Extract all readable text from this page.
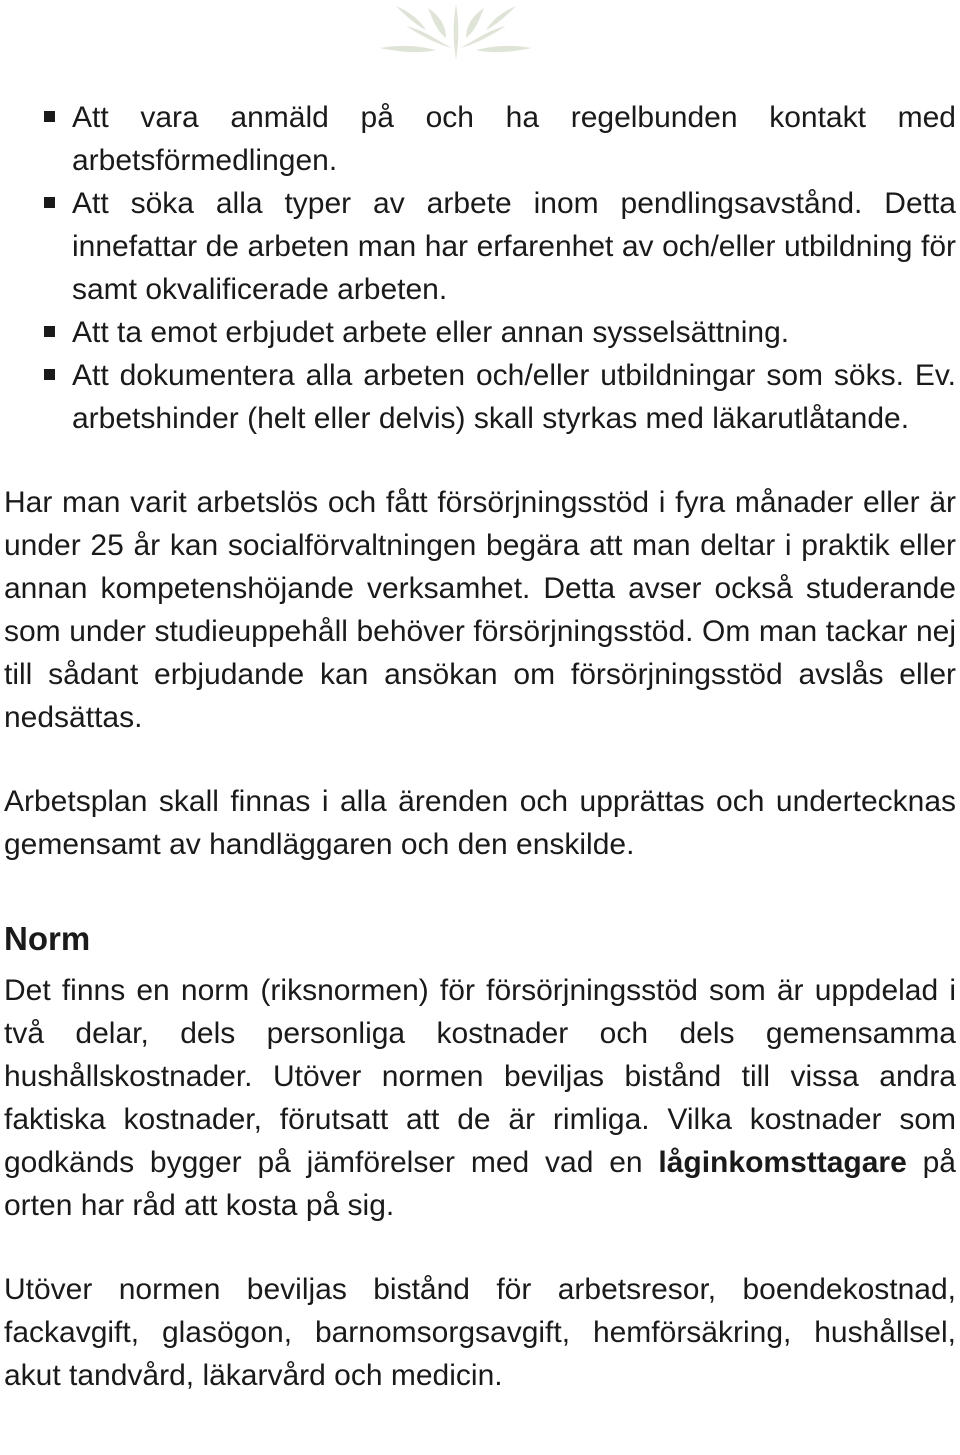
Att vara anmäld på och ha regelbunden kontakt med arbetsförmedlingen.
Att söka alla typer av arbete inom pendlingsavstånd. Detta innefattar de arbeten man har erfarenhet av och/eller utbildning för samt okvalificerade arbeten.
Att ta emot erbjudet arbete eller annan sysselsättning.
Att dokumentera alla arbeten och/eller utbildningar som söks. Ev. arbetshinder (helt eller delvis) skall styrkas med läkarutlåtande.

Har man varit arbetslös och fått försörjningsstöd i fyra månader eller är under 25 år kan socialförvaltningen begära att man deltar i praktik eller annan kompetenshöjande verksamhet. Detta avser också studerande som under studieuppehåll behöver försörjningsstöd. Om man tackar nej till sådant erbjudande kan ansökan om försörjningsstöd avslås eller nedsättas.

Arbetsplan skall finnas i alla ärenden och upprättas och undertecknas gemensamt av handläggaren och den enskilde.

Norm

Det finns en norm (riksnormen) för försörjningsstöd som är uppdelad i två delar, dels personliga kostnader och dels gemensamma hushållskostnader. Utöver normen beviljas bistånd till vissa andra faktiska kostnader, förutsatt att de är rimliga. Vilka kostnader som godkänds bygger på jämförelser med vad en låginkomsttagare på orten har råd att kosta på sig.

Utöver normen beviljas bistånd för arbetsresor, boendekostnad, fackavgift, glasögon, barnomsorgsavgift, hemförsäkring, hushållsel, akut tandvård, läkarvård och medicin.
